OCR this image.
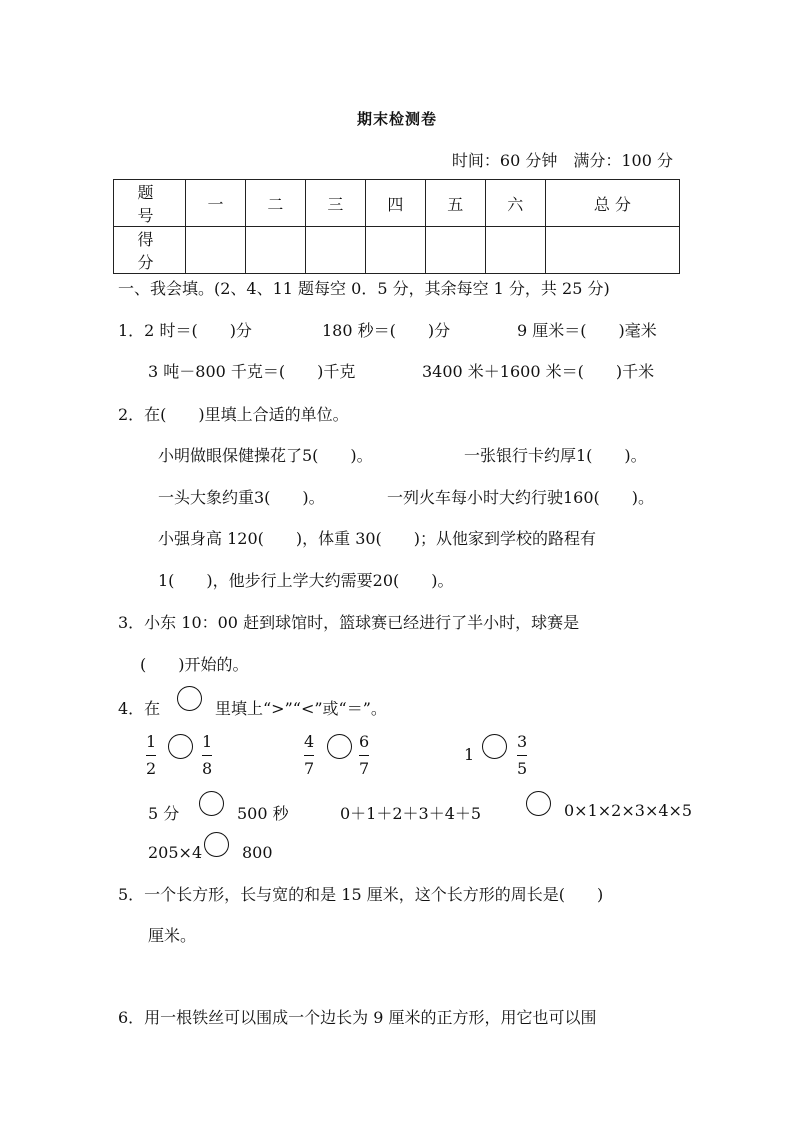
期末检测卷
时间：60 分钟　满分：100 分
题　号	一	二	三	四	五	六	总 分
得　分							
一、我会填。(2、4、11 题每空 0．5 分，其余每空 1 分，共 25 分)
1．2 时＝(　　)分	180 秒＝(　　)分	9 厘米＝(　　)毫米
3 吨－800 千克＝(　　)千克	3400 米＋1600 米＝(　　)千米
2．在(　　)里填上合适的单位。
小明做眼保健操花了5(　　)。	一张银行卡约厚1(　　)。
一头大象约重3(　　)。	一列火车每小时大约行驶160(　　)。
小强身高 120(　　)，体重 30(　　)；从他家到学校的路程有
1(　　)，他步行上学大约需要20(　　)。
3．小东 10：00 赶到球馆时，篮球赛已经进行了半小时，球赛是
(　　)开始的。
4．在	里填上“>”“<”或“＝”。
1
2
1
8
4
7
6
7
1
3
5
5 分	500 秒	0＋1＋2＋3＋4＋5	0×1×2×3×4×5
205×4 800
5．一个长方形，长与宽的和是 15 厘米，这个长方形的周长是(　　)
厘米。
6．用一根铁丝可以围成一个边长为 9 厘米的正方形，用它也可以围
